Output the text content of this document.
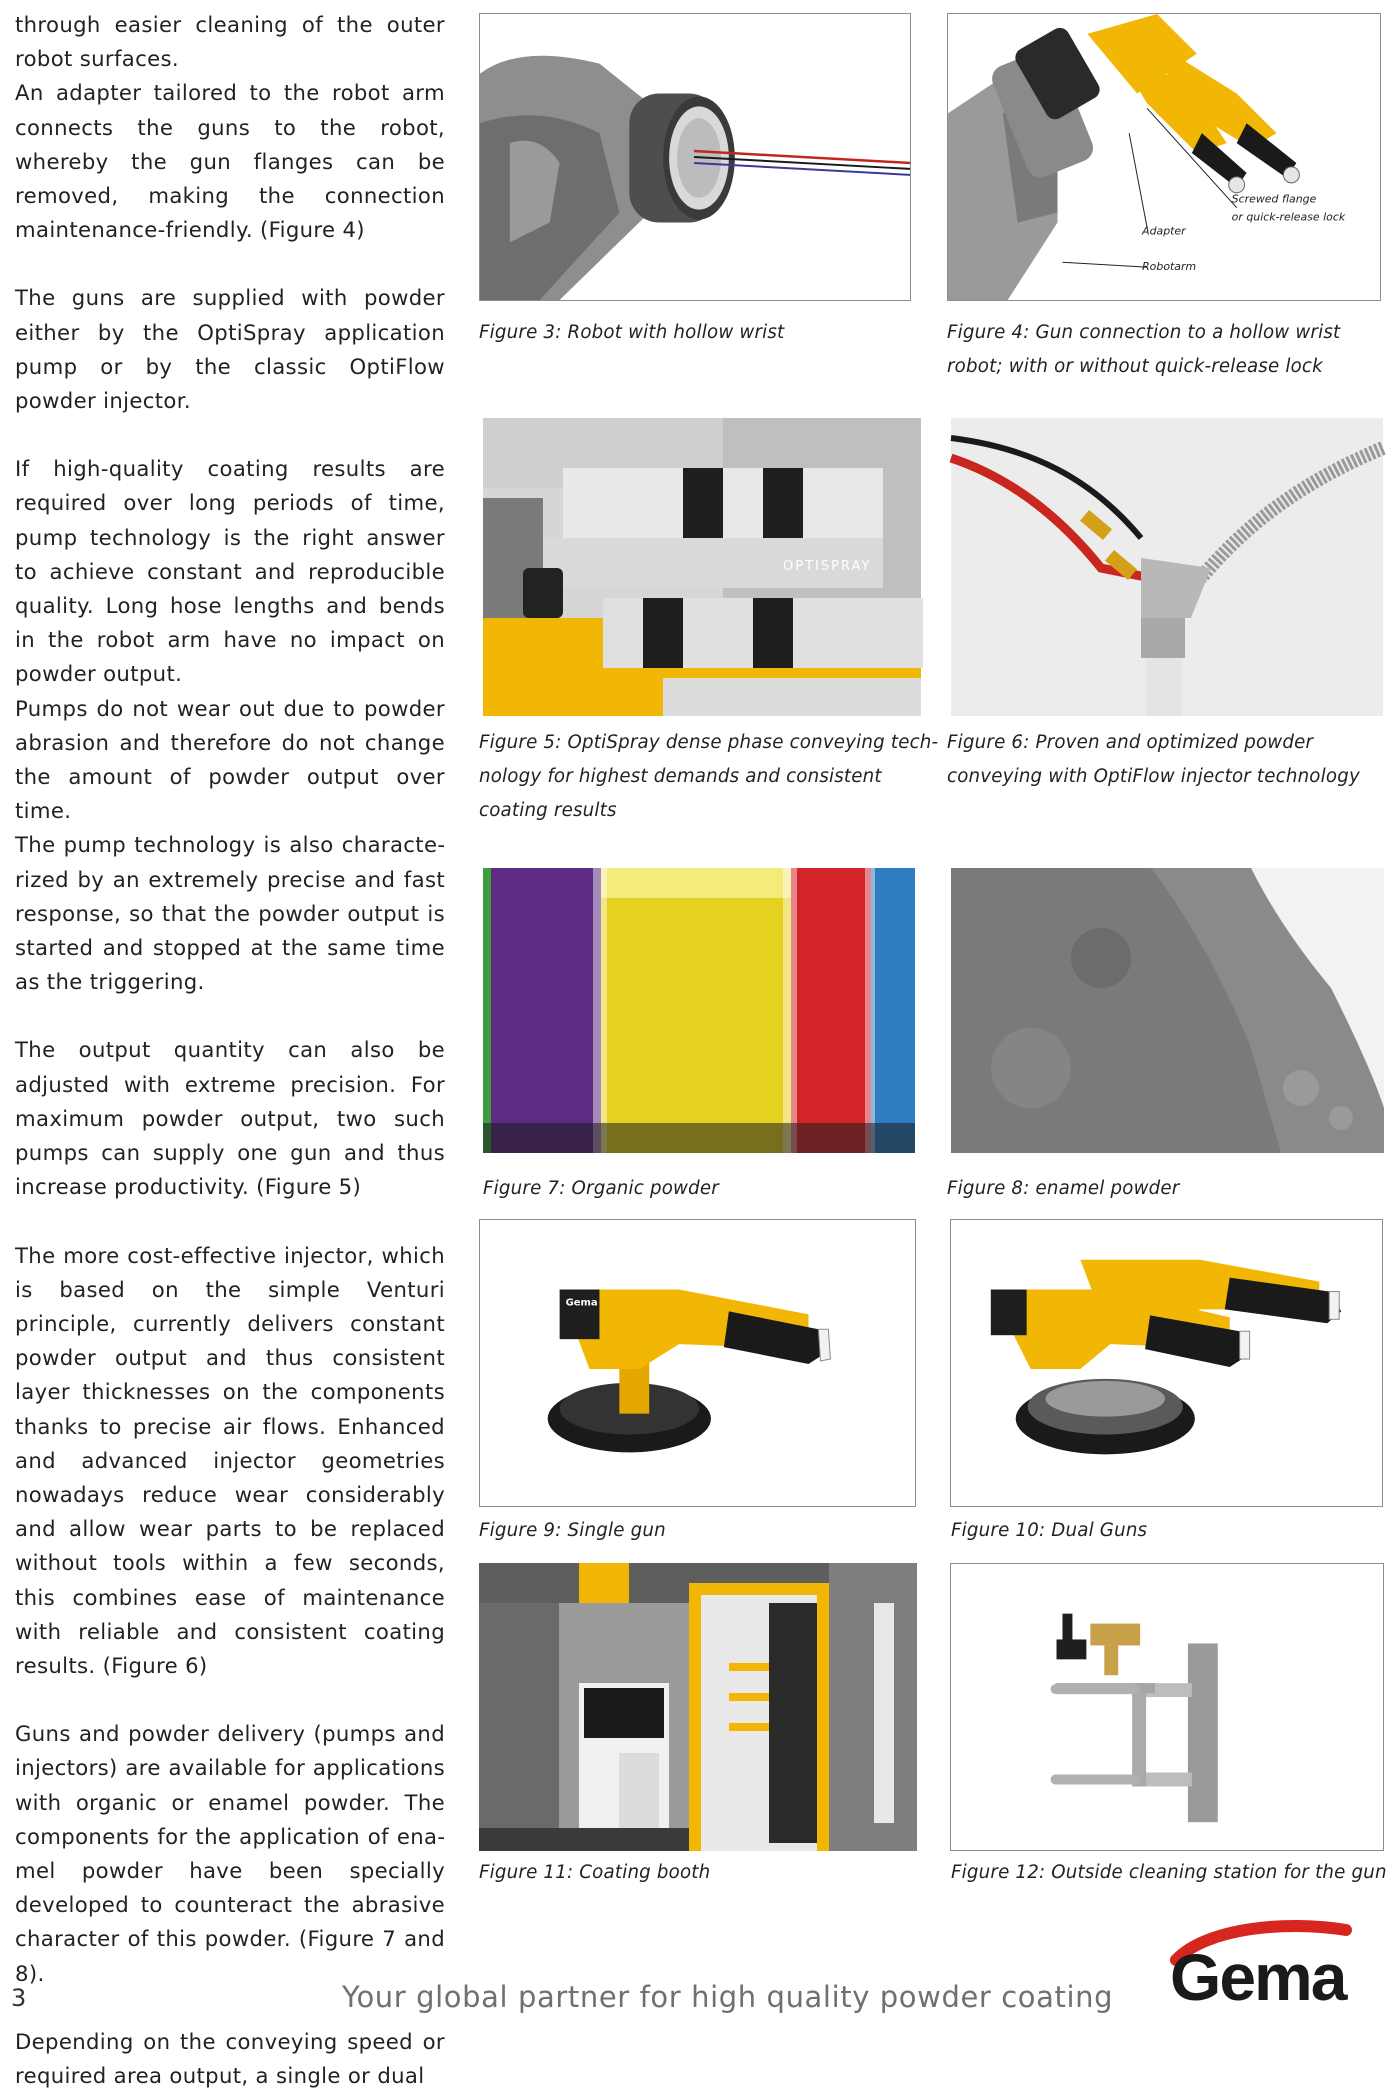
through easier cleaning of the outer robot surfaces.

An adapter tailored to the robot arm connects the guns to the robot, whereby the gun flanges can be removed, making the connection maintenance-friendly. (Figure 4)

The guns are supplied with powder either by the OptiSpray application pump or by the classic OptiFlow powder injector.

If high-quality coating results are required over long periods of time, pump technology is the right answer to achieve constant and reproducible quality. Long hose lengths and bends in the robot arm have no impact on powder output.

Pumps do not wear out due to powder abrasion and therefore do not change the amount of powder output over time.

The pump technology is also characterized by an extremely precise and fast response, so that the powder output is started and stopped at the same time as the triggering.

The output quantity can also be adjusted with extreme precision. For maximum powder output, two such pumps can supply one gun and thus increase productivity. (Figure 5)

The more cost-effective injector, which is based on the simple Venturi principle, currently delivers constant powder output and thus consistent layer thicknesses on the components thanks to precise air flows. Enhanced and advanced injector geometries nowadays reduce wear considerably and allow wear parts to be replaced without tools within a few seconds, this combines ease of maintenance with reliable and consistent coating results. (Figure 6)

Guns and powder delivery (pumps and injectors) are available for applications with organic or enamel powder. The components for the application of enamel powder have been specially developed to counteract the abrasive character of this powder. (Figure 7 and 8).

Depending on the conveying speed or required area output, a single or dual

Figure 3: Robot with hollow wrist
Screwed flange
or quick-release lock
Adapter
Robotarm
Figure 4: Gun connection to a hollow wrist robot; with or without quick-release lock
OPTISPRAY
Figure 5: OptiSpray dense phase conveying technology for highest demands and consistent coating results
Figure 6: Proven and optimized powder conveying with OptiFlow injector technology
Figure 7: Organic powder	Figure 8: enamel powder
Gema
Figure 9: Single gun	Figure 10: Dual Guns
Figure 11: Coating booth	Figure 12: Outside cleaning station for the gun
3	Your global partner for high quality powder coating Gema
